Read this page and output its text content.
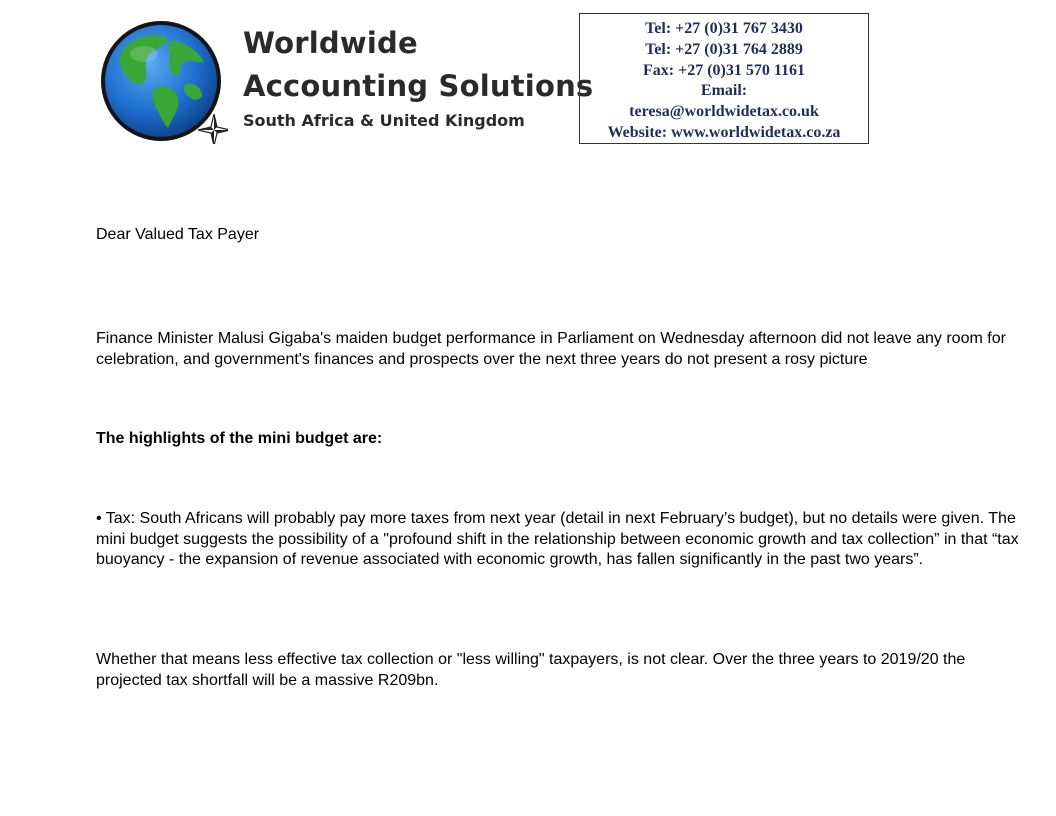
Worldwide
Accounting Solutions
South Africa & United Kingdom
Tel: +27 (0)31 767 3430
Tel: +27 (0)31 764 2889
Fax: +27 (0)31 570 1161
Email:
teresa@worldwidetax.co.uk
Website: www.worldwidetax.co.za
Dear Valued Tax Payer
Finance Minister Malusi Gigaba's maiden budget performance in Parliament on Wednesday afternoon did not leave any room for celebration, and government's finances and prospects over the next three years do not present a rosy picture
The highlights of the mini budget are:
• Tax: South Africans will probably pay more taxes from next year (detail in next February’s budget), but no details were given. The mini budget suggests the possibility of a "profound shift in the relationship between economic growth and tax collection” in that “tax buoyancy - the expansion of revenue associated with economic growth, has fallen significantly in the past two years”.
Whether that means less effective tax collection or "less willing" taxpayers, is not clear. Over the three years to 2019/20 the projected tax shortfall will be a massive R209bn.
